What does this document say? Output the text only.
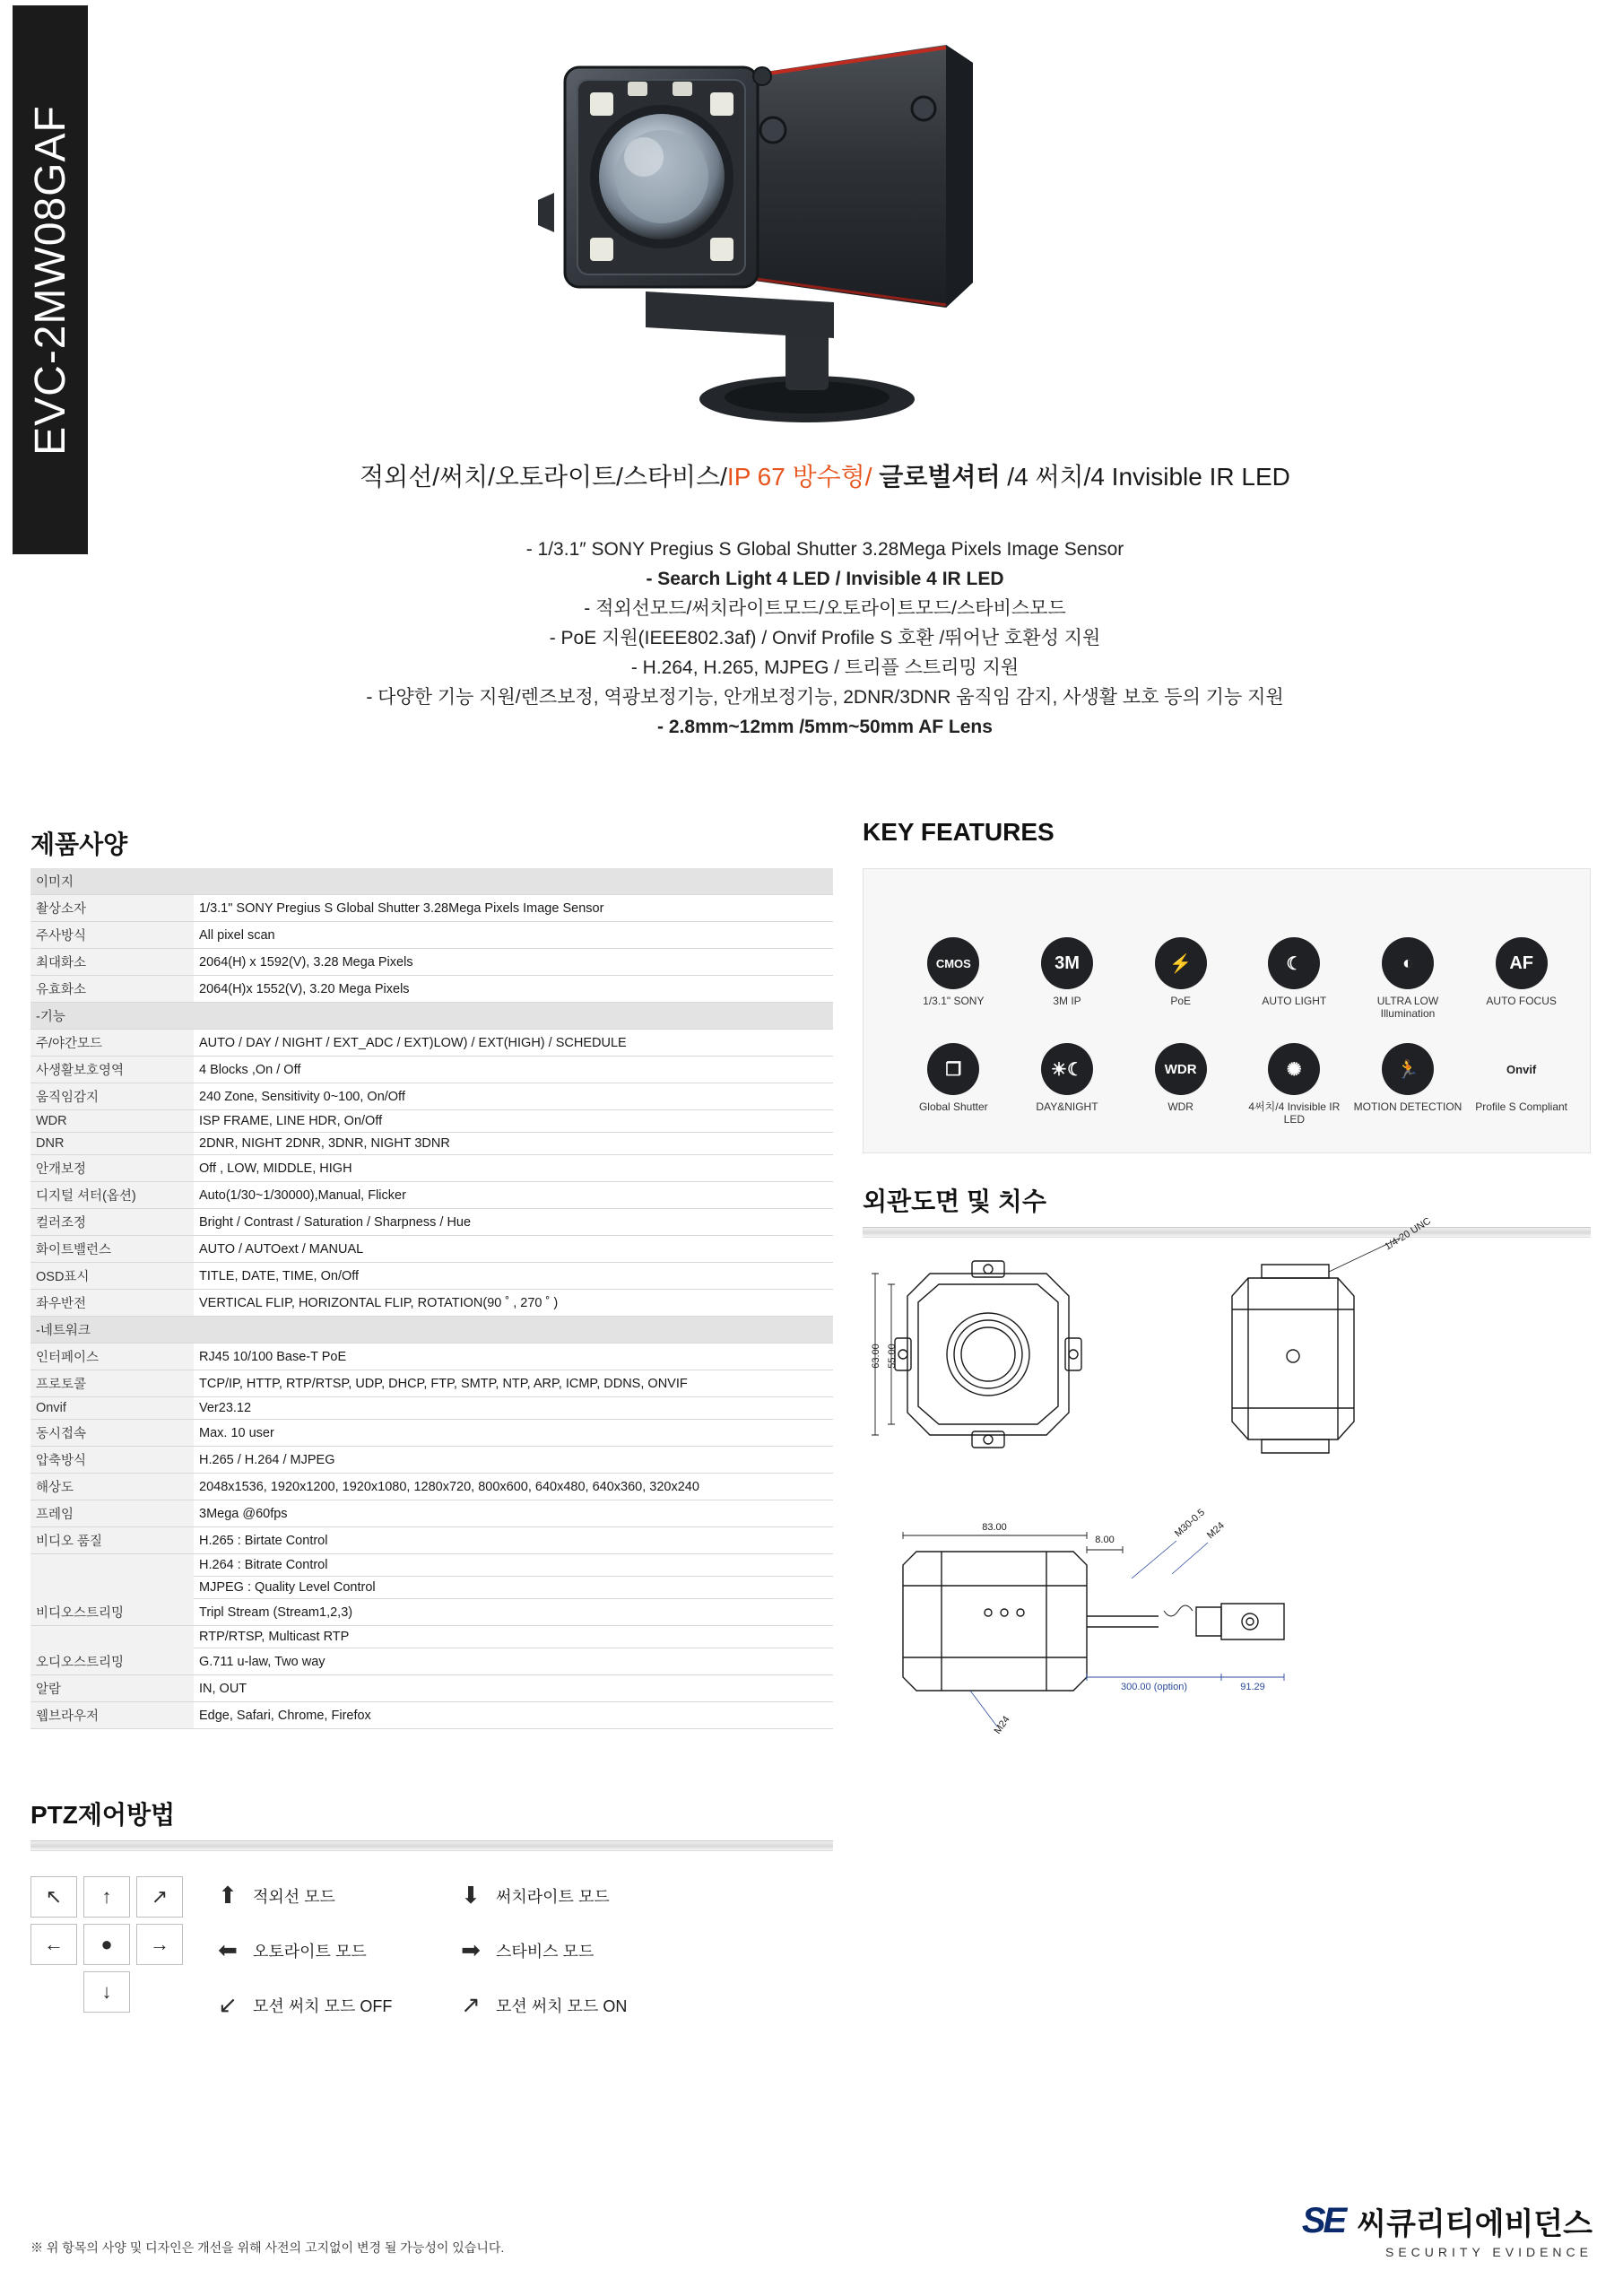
EVC-2MW08GAF
적외선/써치/오토라이트/스타비스/IP 67 방수형/ 글로벌셔터 /4 써치/4 Invisible IR LED
- 1/3.1″ SONY Pregius S Global Shutter 3.28Mega Pixels Image Sensor
- Search Light 4 LED / Invisible 4 IR LED
- 적외선모드/써치라이트모드/오토라이트모드/스타비스모드
- PoE 지원(IEEE802.3af) / Onvif Profile S 호환 /뛰어난 호환성 지원
- H.264, H.265, MJPEG / 트리플 스트리밍 지원
- 다양한 기능 지원/렌즈보정, 역광보정기능, 안개보정기능, 2DNR/3DNR 움직임 감지, 사생활 보호 등의 기능 지원
- 2.8mm~12mm /5mm~50mm AF Lens
제품사양
이미지	
촬상소자	1/3.1" SONY Pregius S Global Shutter 3.28Mega Pixels Image Sensor
주사방식	All pixel scan
최대화소	2064(H) x 1592(V), 3.28 Mega Pixels
유효화소	2064(H)x 1552(V), 3.20 Mega Pixels
-기능	
주/야간모드	AUTO / DAY / NIGHT / EXT_ADC / EXT)LOW) / EXT(HIGH) / SCHEDULE
사생활보호영역	4 Blocks ,On / Off
움직임감지	240 Zone, Sensitivity 0~100, On/Off
WDR	ISP FRAME, LINE HDR, On/Off
DNR	2DNR, NIGHT 2DNR, 3DNR, NIGHT 3DNR
안개보정	Off , LOW, MIDDLE, HIGH
디지털 셔터(옵션)	Auto(1/30~1/30000),Manual, Flicker
컬러조정	Bright / Contrast / Saturation / Sharpness / Hue
화이트밸런스	AUTO / AUTOext / MANUAL
OSD표시	TITLE, DATE, TIME, On/Off
좌우반전	VERTICAL FLIP, HORIZONTAL FLIP, ROTATION(90 ˚ , 270 ˚ )
-네트워크	
인터페이스	RJ45 10/100 Base-T PoE
프로토콜	TCP/IP, HTTP, RTP/RTSP, UDP, DHCP, FTP, SMTP, NTP, ARP, ICMP, DDNS, ONVIF
Onvif	Ver23.12
동시접속	Max. 10 user
압축방식	H.265 / H.264 / MJPEG
해상도	2048x1536, 1920x1200, 1920x1080, 1280x720, 800x600, 640x480, 640x360, 320x240
프레임	3Mega @60fps
비디오 품질	H.265 : Birtate Control
	H.264 : Bitrate Control
	MJPEG : Quality Level Control
비디오스트리밍	Tripl Stream (Stream1,2,3)
	RTP/RTSP, Multicast RTP
오디오스트리밍	G.711 u-law, Two way
알람	IN, OUT
웹브라우저	Edge, Safari, Chrome, Firefox
KEY FEATURES
CMOS
1/3.1" SONY
3M
3M IP
⚡
PoE
☾
AUTO LIGHT
◐
ULTRA LOW Illumination
AF
AUTO FOCUS
❐
Global Shutter
☀☾
DAY&NIGHT
WDR
WDR
✺
4써치/4 Invisible IR LED
🏃
MOTION DETECTION
Onvif
Profile S Compliant
외관도면 및 치수
63.00 55.00
1/4-20 UNC
83.00
8.00
M30-0.5
M24
M24
300.00 (option)	91.29
PTZ제어방법
↖	↑	↗
←	●	→
↓
⬆ 적외선 모드	⬇ 써치라이트 모드
⬅ 오토라이트 모드	➡ 스타비스 모드
↙ 모션 써치 모드 OFF	↗ 모션 써치 모드 ON
※ 위 항목의 사양 및 디자인은 개선을 위해 사전의 고지없이 변경 될 가능성이 있습니다.
SE 씨큐리티에비던스
SECURITY EVIDENCE
